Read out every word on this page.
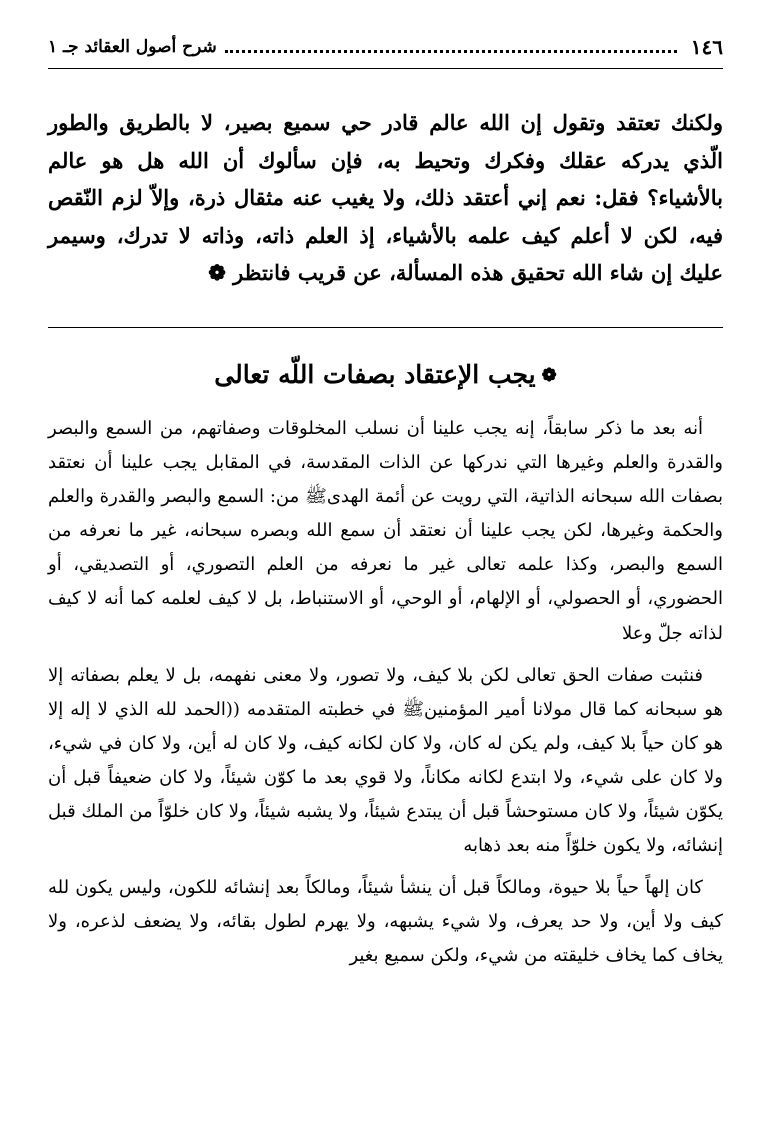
١٤٦
شرح أصول العقائد جـ ١

ولكنك تعتقد وتقول إن الله عالم قادر حي سميع بصير، لا بالطريق والطور الّذي يدركه عقلك وفكرك وتحيط به، فإن سألوك أن الله هل هو عالم بالأشياء؟ فقل: نعم إني أعتقد ذلك، ولا يغيب عنه مثقال ذرة، وإلاّ لزم النّقص فيه، لكن لا أعلم كيف علمه بالأشياء، إذ العلم ذاته، وذاته لا تدرك، وسيمر عليك إن شاء الله تحقيق هذه المسألة، عن قريب فانتظر ❁

❁يجب الإعتقاد بصفات اللّه تعالى

أنه بعد ما ذكر سابقاً، إنه يجب علينا أن نسلب المخلوقات وصفاتهم، من السمع والبصر والقدرة والعلم وغيرها التي ندركها عن الذات المقدسة، في المقابل يجب علينا أن نعتقد بصفات الله سبحانه الذاتية، التي رويت عن أئمة الهدىﷺ من: السمع والبصر والقدرة والعلم والحكمة وغيرها، لكن يجب علينا أن نعتقد أن سمع الله وبصره سبحانه، غير ما نعرفه من السمع والبصر، وكذا علمه تعالى غير ما نعرفه من العلم التصوري، أو التصديقي، أو الحضوري، أو الحصولي، أو الإلهام، أو الوحي، أو الاستنباط، بل لا كيف لعلمه كما أنه لا كيف لذاته جلّ وعلا

فنثبت صفات الحق تعالى لكن بلا كيف، ولا تصور، ولا معنى نفهمه، بل لا يعلم بصفاته إلا هو سبحانه كما قال مولانا أمير المؤمنينﷺ في خطبته المتقدمه ((الحمد لله الذي لا إله إلا هو كان حياً بلا كيف، ولم يكن له كان، ولا كان لكانه كيف، ولا كان له أين، ولا كان في شيء، ولا كان على شيء، ولا ابتدع لكانه مكاناً، ولا قوي بعد ما كوّن شيئاً، ولا كان ضعيفاً قبل أن يكوّن شيئاً، ولا كان مستوحشاً قبل أن يبتدع شيئاً، ولا يشبه شيئاً، ولا كان خلوّاً من الملك قبل إنشائه، ولا يكون خلوّاً منه بعد ذهابه

كان إلهاً حياً بلا حيوة، ومالكاً قبل أن ينشأ شيئاً، ومالكاً بعد إنشائه للكون، وليس يكون لله كيف ولا أين، ولا حد يعرف، ولا شيء يشبهه، ولا يهرم لطول بقائه، ولا يضعف لذعره، ولا يخاف كما يخاف خليقته من شيء، ولكن سميع بغير
